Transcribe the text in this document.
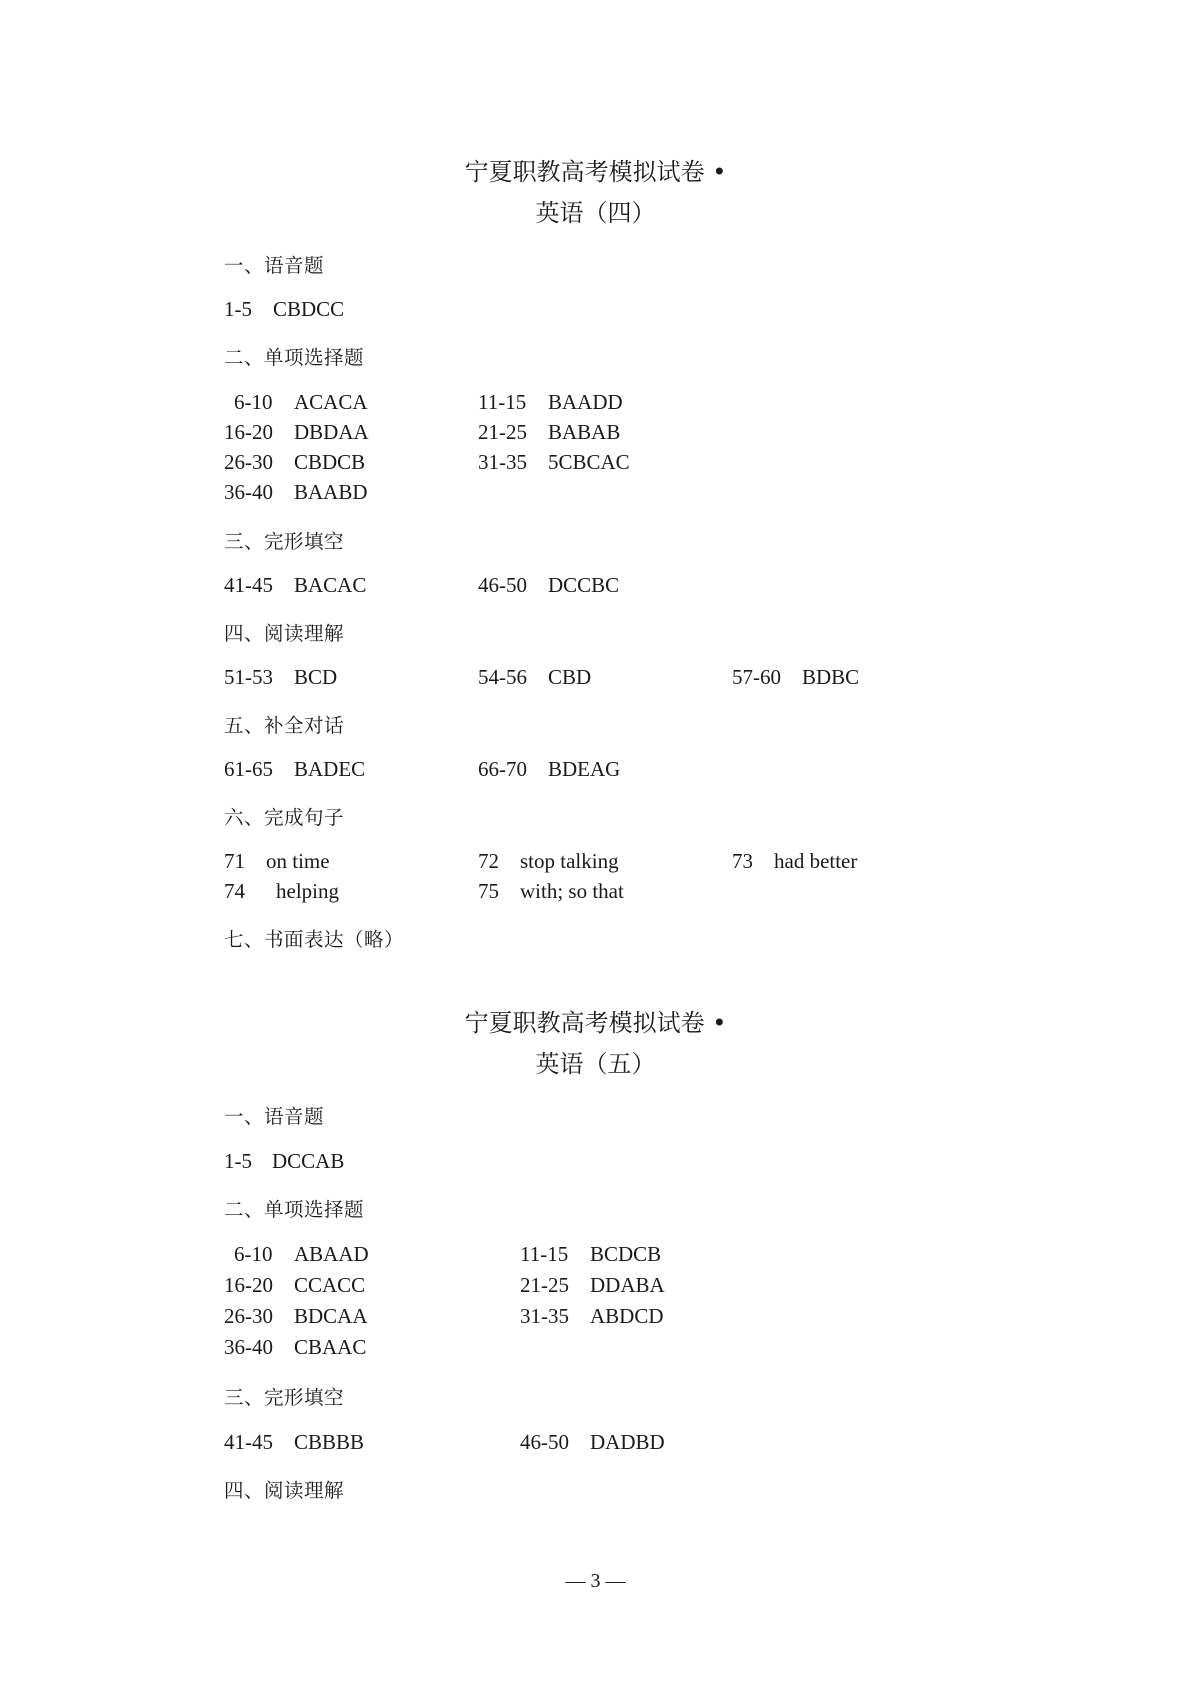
宁夏职教高考模拟试卷 •
英语（四）
一、语音题
1-5 CBDCC
二、单项选择题
6-10 ACACA	11-15 BAADD
16-20 DBDAA	21-25 BABAB
26-30 CBDCB	31-35 5CBCAC
36-40 BAABD
三、完形填空
41-45 BACAC	46-50 DCCBC
四、阅读理解
51-53 BCD	54-56 CBD	57-60 BDBC
五、补全对话
61-65 BADEC	66-70 BDEAG
六、完成句子
71 on time	72 stop talking	73 had better
74 helping	75 with; so that
七、书面表达（略）
宁夏职教高考模拟试卷 •
英语（五）
一、语音题
1-5 DCCAB
二、单项选择题
6-10 ABAAD	11-15 BCDCB
16-20 CCACC	21-25 DDABA
26-30 BDCAA	31-35 ABDCD
36-40 CBAAC
三、完形填空
41-45 CBBBB	46-50 DADBD
四、阅读理解
— 3 —
